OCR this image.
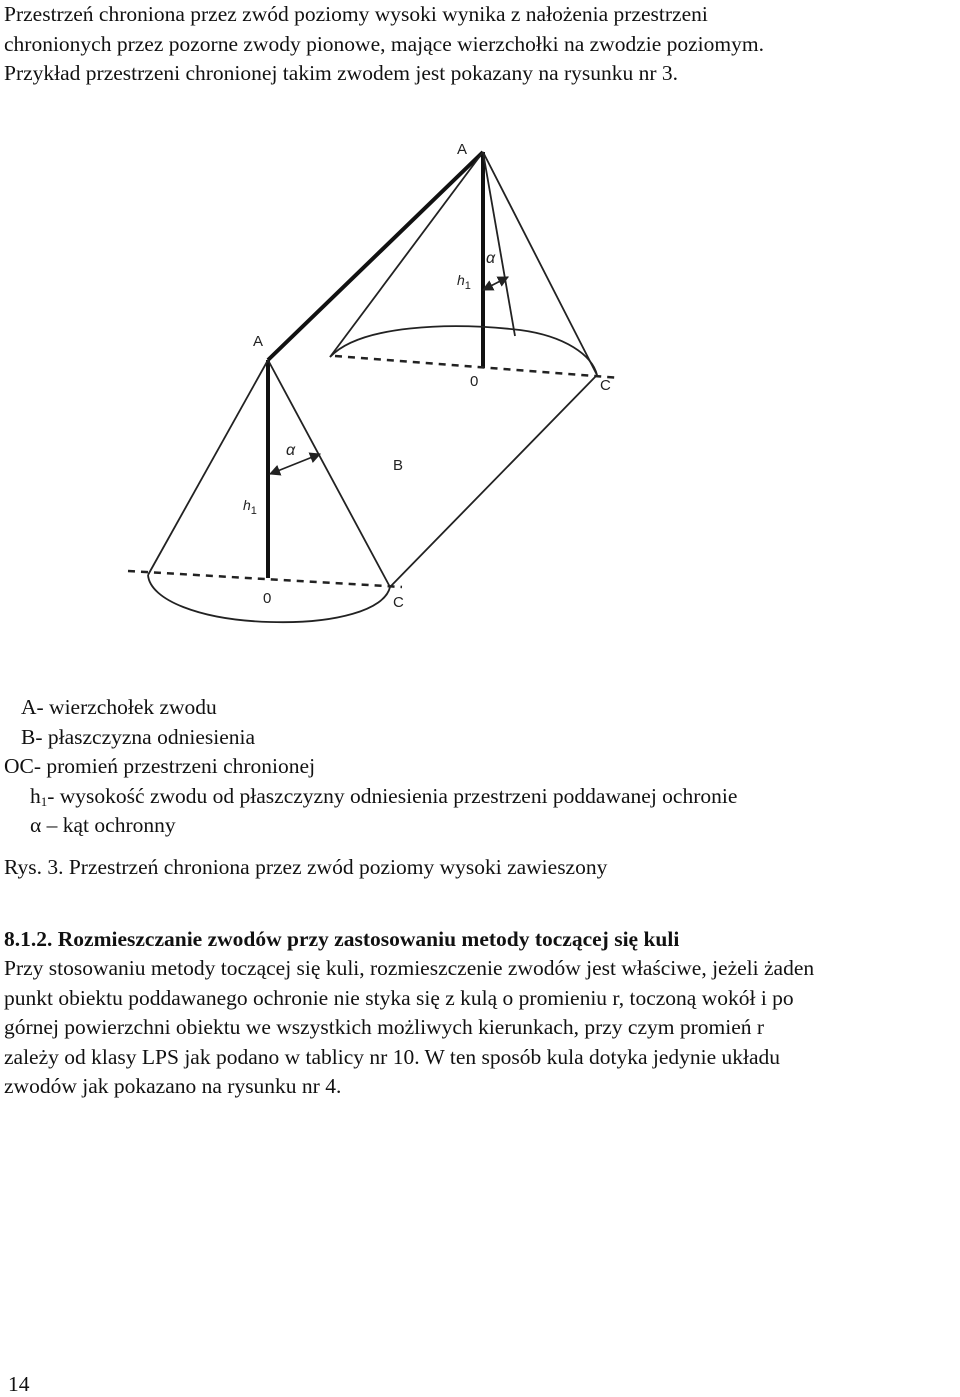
Przestrzeń chroniona przez zwód poziomy wysoki wynika z nałożenia przestrzeni
chronionych przez pozorne zwody pionowe, mające wierzchołki na zwodzie poziomym.
Przykład przestrzeni chronionej takim zwodem jest pokazany na rysunku nr 3.

A
A
α
α
$h_1$
$h_1$
0
0
C
C
B

A- wierzchołek zwodu

B- płaszczyzna odniesienia

OC- promień przestrzeni chronionej

$h_1-$ wysokość zwodu od płaszczyzny odniesienia przestrzeni poddawanej ochronie

α – kąt ochronny

Rys. 3. Przestrzeń chroniona przez zwód poziomy wysoki zawieszony

8.1.2. Rozmieszczanie zwodów przy zastosowaniu metody toczącej się kuli

Przy stosowaniu metody toczącej się kuli, rozmieszczenie zwodów jest właściwe, jeżeli żaden
punkt obiektu poddawanego ochronie nie styka się z kulą o promieniu r, toczoną wokół i po
górnej powierzchni obiektu we wszystkich możliwych kierunkach, przy czym promień r
zależy od klasy LPS jak podano w tablicy nr 10. W ten sposób kula dotyka jedynie układu
zwodów jak pokazano na rysunku nr 4.

14
